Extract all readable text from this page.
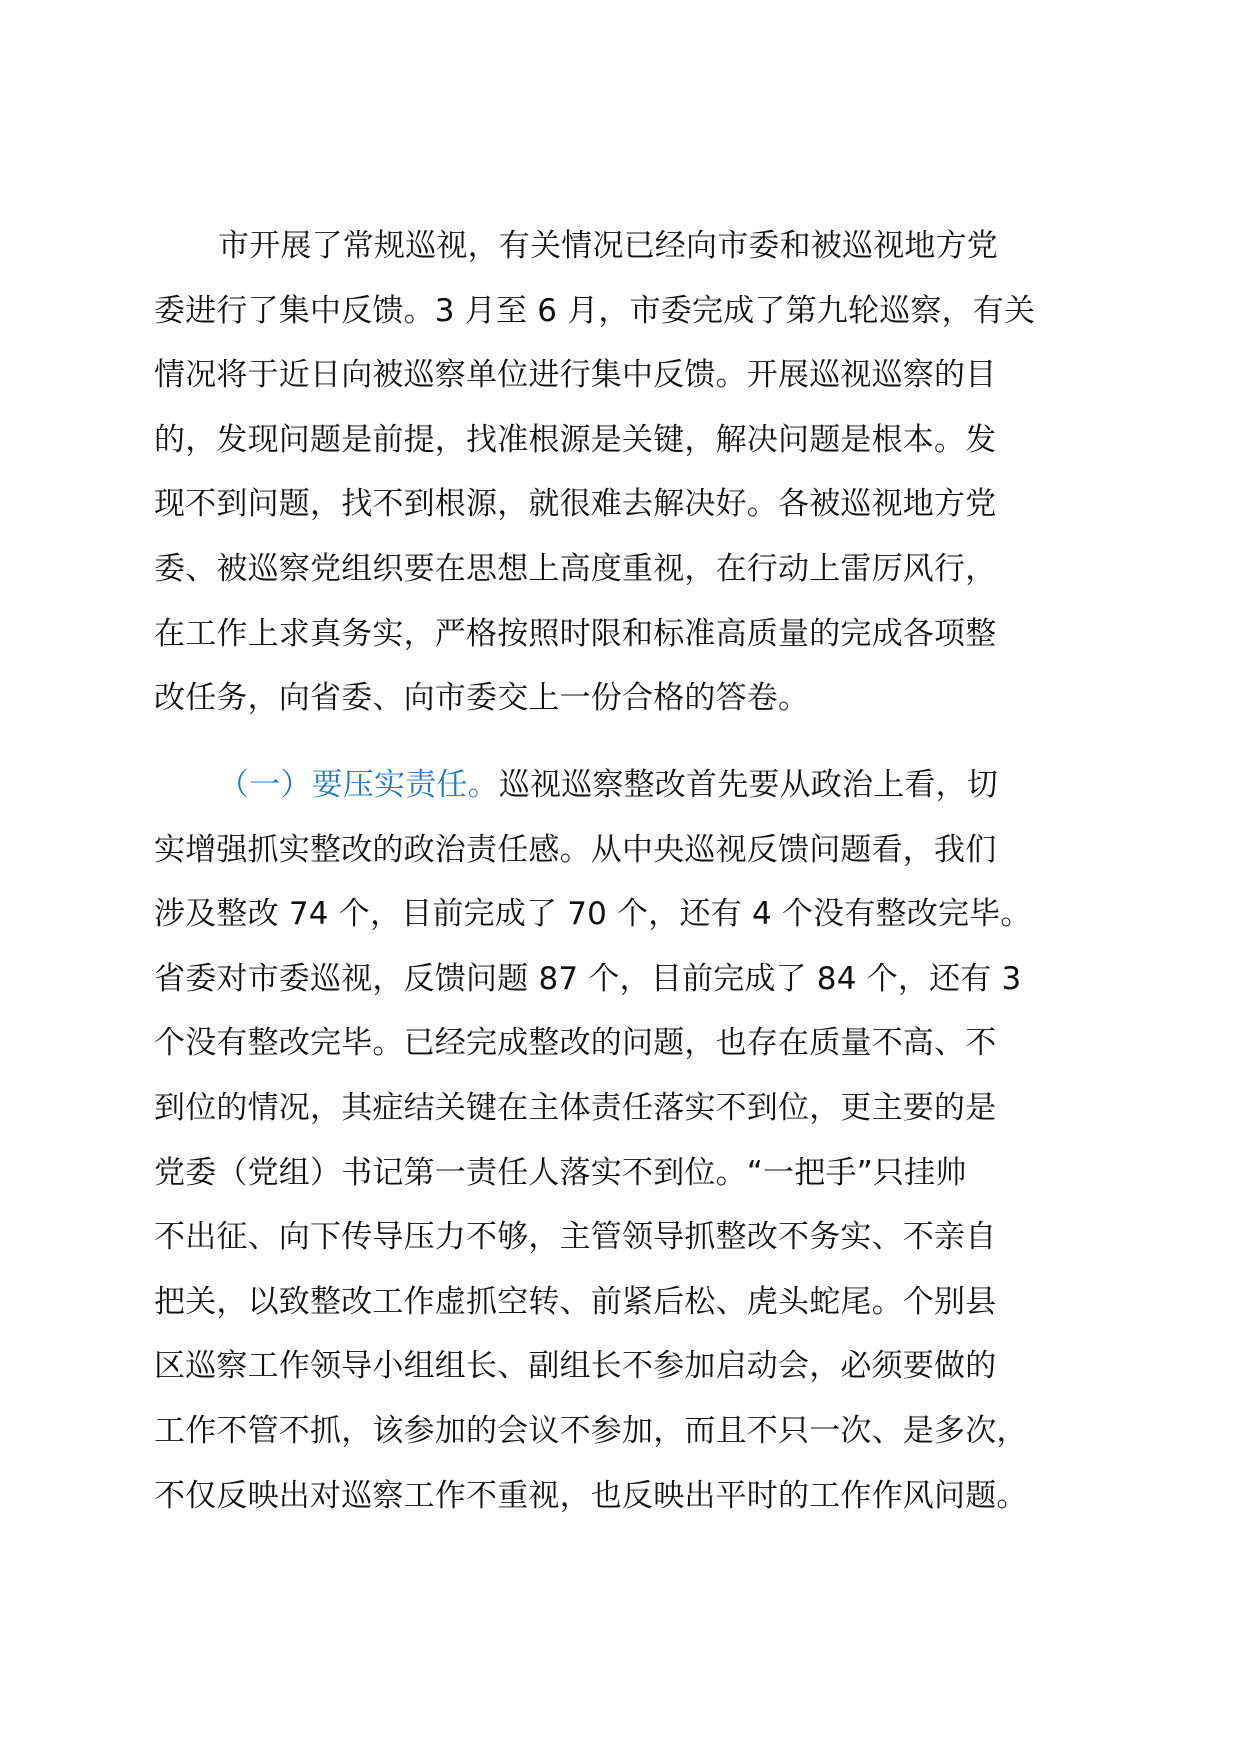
市开展了常规巡视，有关情况已经向市委和被巡视地方党
委进行了集中反馈。3 月至 6 月，市委完成了第九轮巡察，有关
情况将于近日向被巡察单位进行集中反馈。开展巡视巡察的目
的，发现问题是前提，找准根源是关键，解决问题是根本。发
现不到问题，找不到根源，就很难去解决好。各被巡视地方党
委、被巡察党组织要在思想上高度重视，在行动上雷厉风行，
在工作上求真务实，严格按照时限和标准高质量的完成各项整
改任务，向省委、向市委交上一份合格的答卷。
（一）要压实责任。巡视巡察整改首先要从政治上看，切
实增强抓实整改的政治责任感。从中央巡视反馈问题看，我们
涉及整改 74 个，目前完成了 70 个，还有 4 个没有整改完毕。
省委对市委巡视，反馈问题 87 个，目前完成了 84 个，还有 3
个没有整改完毕。已经完成整改的问题，也存在质量不高、不
到位的情况，其症结关键在主体责任落实不到位，更主要的是
党委（党组）书记第一责任人落实不到位。“一把手”只挂帅
不出征、向下传导压力不够，主管领导抓整改不务实、不亲自
把关，以致整改工作虚抓空转、前紧后松、虎头蛇尾。个别县
区巡察工作领导小组组长、副组长不参加启动会，必须要做的
工作不管不抓，该参加的会议不参加，而且不只一次、是多次，
不仅反映出对巡察工作不重视，也反映出平时的工作作风问题。
